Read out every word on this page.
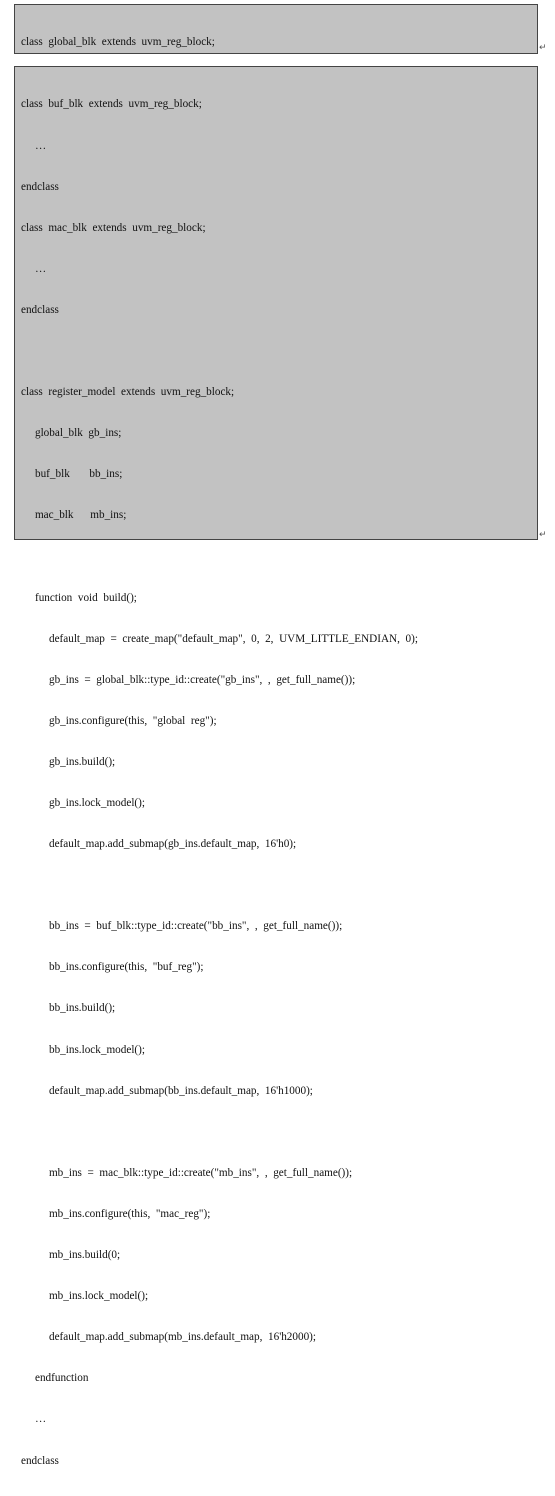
class  global_blk  extends  uvm_reg_block;

	↵

class  buf_blk  extends  uvm_reg_block;

…

endclass

class  mac_blk  extends  uvm_reg_block;

…

endclass

class  register_model  extends  uvm_reg_block;

global_blk  gb_ins;

buf_blk       bb_ins;

mac_blk      mb_ins;

function  void  build();

default_map  =  create_map("default_map",  0,  2,  UVM_LITTLE_ENDIAN,  0);

gb_ins  =  global_blk::type_id::create("gb_ins",  ,  get_full_name());

gb_ins.configure(this,  "global  reg");

gb_ins.build();

gb_ins.lock_model();

default_map.add_submap(gb_ins.default_map,  16'h0);

bb_ins  =  buf_blk::type_id::create("bb_ins",  ,  get_full_name());

bb_ins.configure(this,  "buf_reg");

bb_ins.build();

bb_ins.lock_model();

default_map.add_submap(bb_ins.default_map,  16'h1000);

mb_ins  =  mac_blk::type_id::create("mb_ins",  ,  get_full_name());

mb_ins.configure(this,  "mac_reg");

mb_ins.build(0;

mb_ins.lock_model();

default_map.add_submap(mb_ins.default_map,  16'h2000);

endfunction

…

endclass

↵
